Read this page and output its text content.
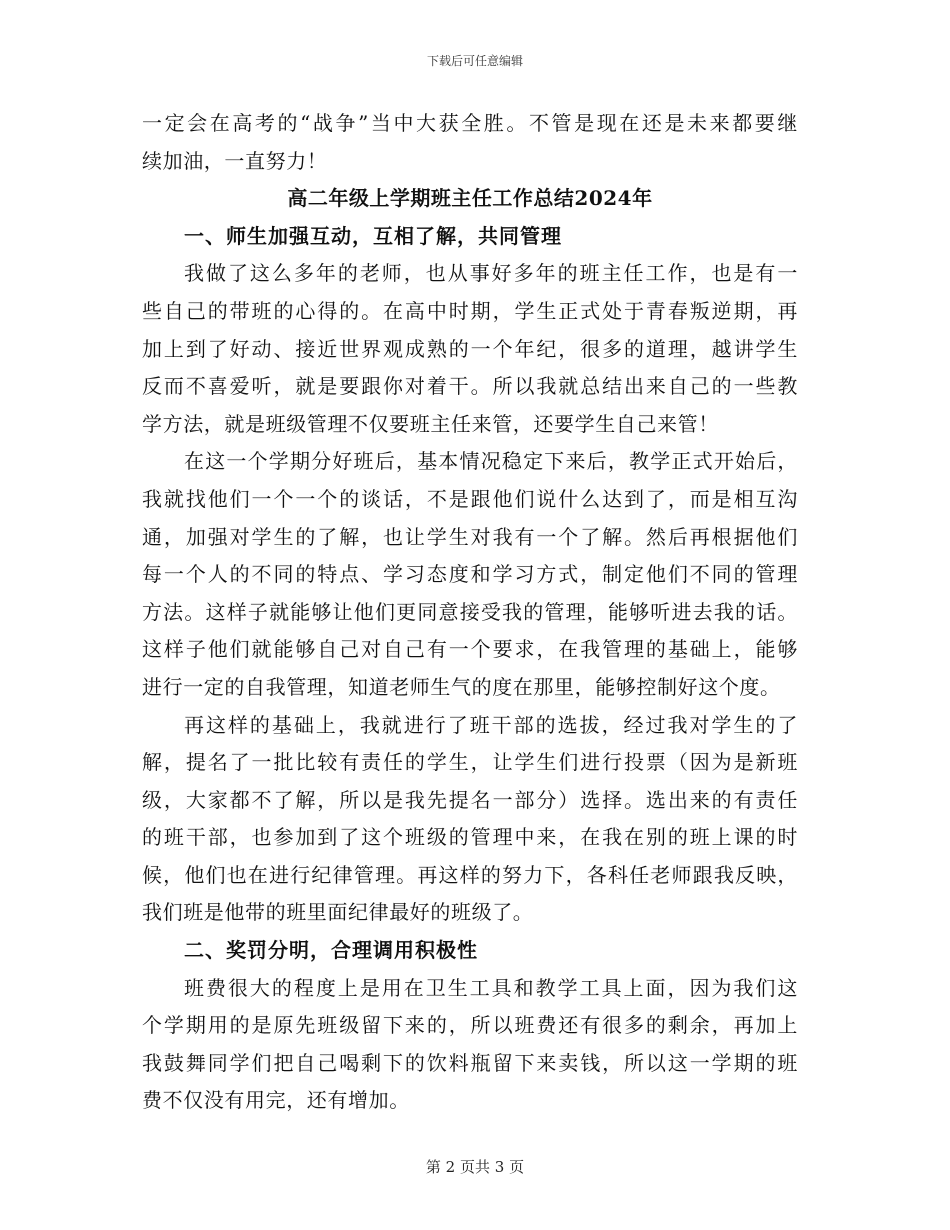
下载后可任意编辑
一定会在高考的“战争”当中大获全胜。不管是现在还是未来都要继
续加油，一直努力！
高二年级上学期班主任工作总结2024年
一、师生加强互动，互相了解，共同管理
我做了这么多年的老师，也从事好多年的班主任工作，也是有一
些自己的带班的心得的。在高中时期，学生正式处于青春叛逆期，再
加上到了好动、接近世界观成熟的一个年纪，很多的道理，越讲学生
反而不喜爱听，就是要跟你对着干。所以我就总结出来自己的一些教
学方法，就是班级管理不仅要班主任来管，还要学生自己来管！
在这一个学期分好班后，基本情况稳定下来后，教学正式开始后，
我就找他们一个一个的谈话，不是跟他们说什么达到了，而是相互沟
通，加强对学生的了解，也让学生对我有一个了解。然后再根据他们
每一个人的不同的特点、学习态度和学习方式，制定他们不同的管理
方法。这样子就能够让他们更同意接受我的管理，能够听进去我的话。
这样子他们就能够自己对自己有一个要求，在我管理的基础上，能够
进行一定的自我管理，知道老师生气的度在那里，能够控制好这个度。
再这样的基础上，我就进行了班干部的选拔，经过我对学生的了
解，提名了一批比较有责任的学生，让学生们进行投票（因为是新班
级，大家都不了解，所以是我先提名一部分）选择。选出来的有责任
的班干部，也参加到了这个班级的管理中来，在我在别的班上课的时
候，他们也在进行纪律管理。再这样的努力下，各科任老师跟我反映，
我们班是他带的班里面纪律最好的班级了。
二、奖罚分明，合理调用积极性
班费很大的程度上是用在卫生工具和教学工具上面，因为我们这
个学期用的是原先班级留下来的，所以班费还有很多的剩余，再加上
我鼓舞同学们把自己喝剩下的饮料瓶留下来卖钱，所以这一学期的班
费不仅没有用完，还有增加。
第 2 页共 3 页
